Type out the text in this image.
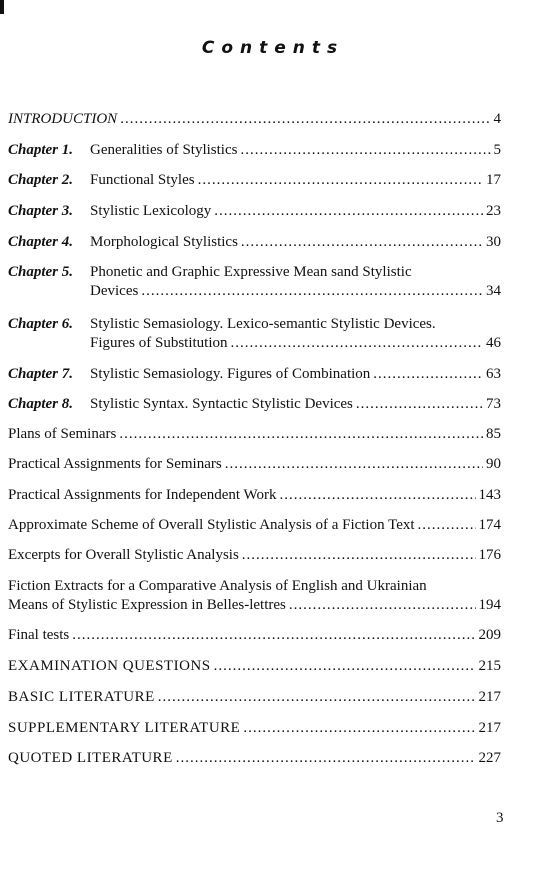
Contents
INTRODUCTION .....	4
Chapter 1.	Generalities of Stylistics .....	5
Chapter 2.	Functional Styles .....	17
Chapter 3.	Stylistic Lexicology .....	23
Chapter 4.	Morphological Stylistics .....	30
Chapter 5.	Phonetic and Graphic Expressive Mean sand Stylistic
Devices .....	34
Chapter 6.	Stylistic Semasiology. Lexico-semantic Stylistic Devices.
Figures of Substitution .....	46
Chapter 7.	Stylistic Semasiology. Figures of Combination .....	63
Chapter 8.	Stylistic Syntax. Syntactic Stylistic Devices .....	73
Plans of Seminars .....	85
Practical Assignments for Seminars .....	90
Practical Assignments for Independent Work .....	143
Approximate Scheme of Overall Stylistic Analysis of a Fiction Text .....	174
Excerpts for Overall Stylistic Analysis .....	176
Fiction Extracts for a Comparative Analysis of English and Ukrainian
Means of Stylistic Expression in Belles-lettres .....	194
Final tests .....	209
EXAMINATION QUESTIONS .....	215
BASIC LITERATURE .....	217
SUPPLEMENTARY LITERATURE .....	217
QUOTED LITERATURE .....	227
3
